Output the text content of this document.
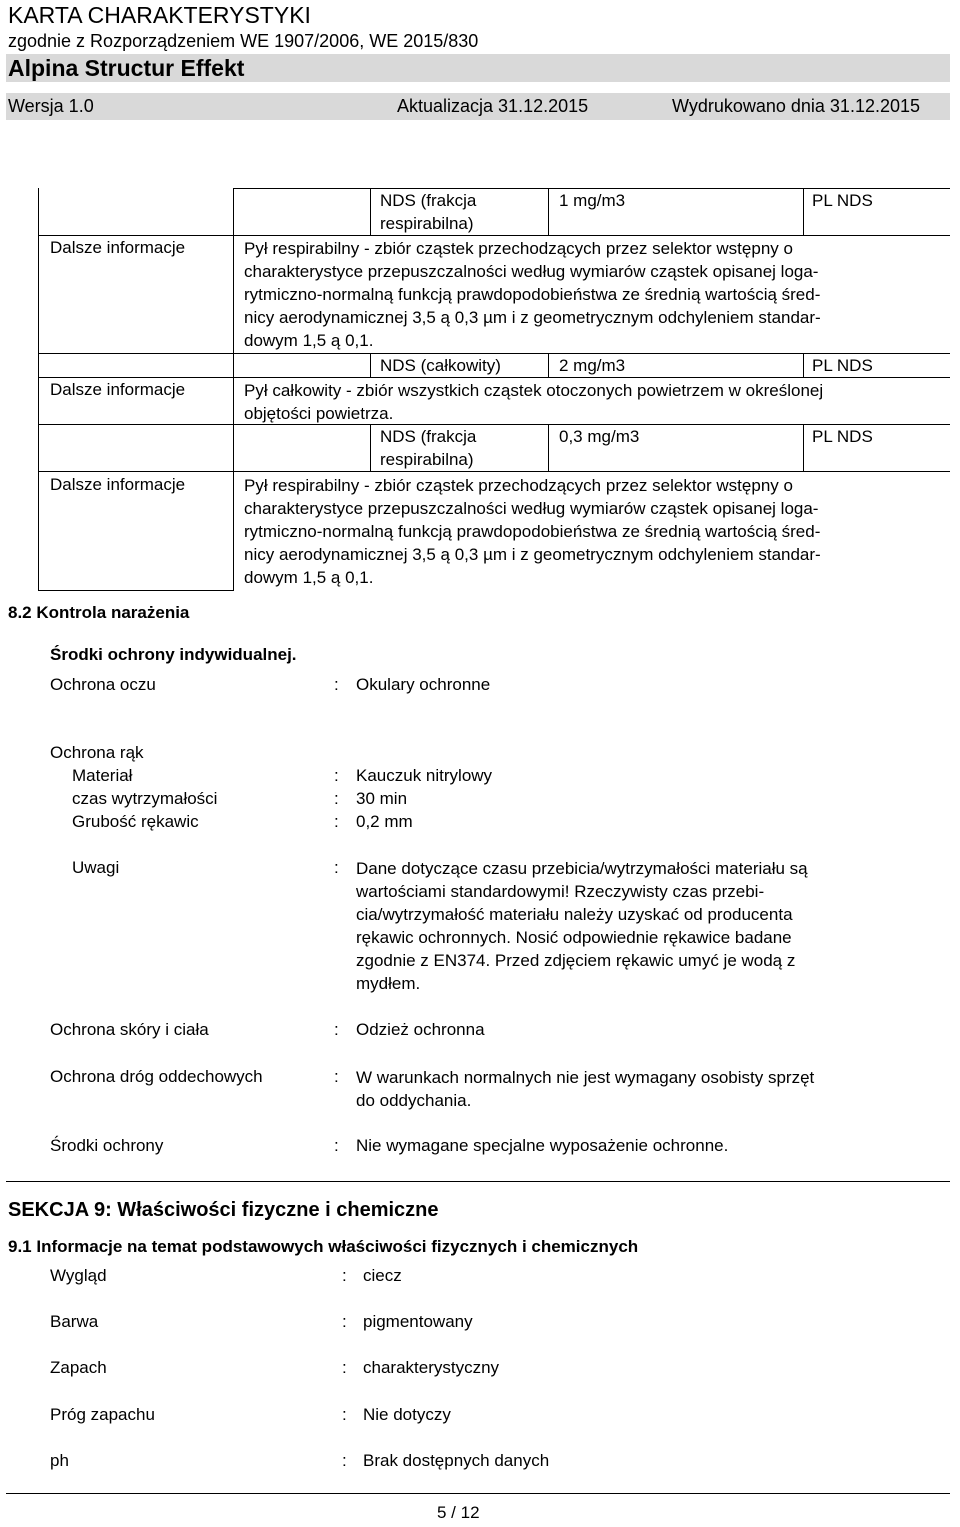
KARTA CHARAKTERYSTYKI
zgodnie z Rozporządzeniem WE 1907/2006, WE 2015/830
Alpina Structur Effekt
Wersja 1.0	Aktualizacja 31.12.2015	Wydrukowano dnia 31.12.2015
NDS (frakcja
respirabilna)
1 mg/m3	PL NDS
Dalsze informacje	Pył respirabilny - zbiór cząstek przechodzących przez selektor wstępny o
charakterystyce przepuszczalności według wymiarów cząstek opisanej loga-
rytmiczno-normalną funkcją prawdopodobieństwa ze średnią wartością śred-
nicy aerodynamicznej 3,5 ą 0,3 µm i z geometrycznym odchyleniem standar-
dowym 1,5 ą 0,1.
NDS (całkowity)	2 mg/m3	PL NDS
Dalsze informacje	Pył całkowity - zbiór wszystkich cząstek otoczonych powietrzem w określonej
objętości powietrza.
NDS (frakcja
respirabilna)
0,3 mg/m3	PL NDS
Dalsze informacje	Pył respirabilny - zbiór cząstek przechodzących przez selektor wstępny o
charakterystyce przepuszczalności według wymiarów cząstek opisanej loga-
rytmiczno-normalną funkcją prawdopodobieństwa ze średnią wartością śred-
nicy aerodynamicznej 3,5 ą 0,3 µm i z geometrycznym odchyleniem standar-
dowym 1,5 ą 0,1.
8.2 Kontrola narażenia
Środki ochrony indywidualnej.
Ochrona oczu	: Okulary ochronne
Ochrona rąk
Materiał	: Kauczuk nitrylowy
czas wytrzymałości	: 30 min
Grubość rękawic	: 0,2 mm
Uwagi	: Dane dotyczące czasu przebicia/wytrzymałości materiału są
wartościami standardowymi! Rzeczywisty czas przebi-
cia/wytrzymałość materiału należy uzyskać od producenta
rękawic ochronnych. Nosić odpowiednie rękawice badane
zgodnie z EN374. Przed zdjęciem rękawic umyć je wodą z
mydłem.
Ochrona skóry i ciała	: Odzież ochronna
Ochrona dróg oddechowych	: W warunkach normalnych nie jest wymagany osobisty sprzęt
do oddychania.
Środki ochrony	: Nie wymagane specjalne wyposażenie ochronne.
SEKCJA 9: Właściwości fizyczne i chemiczne
9.1 Informacje na temat podstawowych właściwości fizycznych i chemicznych
Wygląd	: ciecz
Barwa	: pigmentowany
Zapach	: charakterystyczny
Próg zapachu	: Nie dotyczy
ph	: Brak dostępnych danych
5 / 12
